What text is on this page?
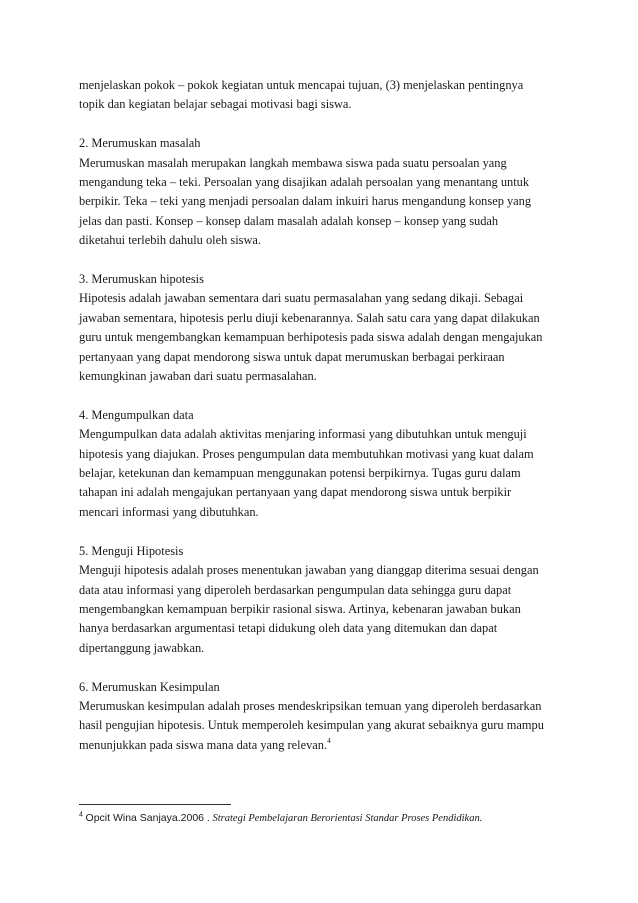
menjelaskan pokok – pokok kegiatan untuk mencapai tujuan, (3) menjelaskan pentingnya
topik dan kegiatan belajar sebagai motivasi bagi siswa.

2. Merumuskan masalah
Merumuskan masalah merupakan langkah membawa siswa pada suatu persoalan yang
mengandung teka – teki. Persoalan yang disajikan adalah persoalan yang menantang untuk
berpikir. Teka – teki yang menjadi persoalan dalam inkuiri harus mengandung konsep yang
jelas dan pasti. Konsep – konsep dalam masalah adalah konsep – konsep yang sudah
diketahui terlebih dahulu oleh siswa.
3. Merumuskan hipotesis
Hipotesis adalah jawaban sementara dari suatu permasalahan yang sedang dikaji. Sebagai
jawaban sementara, hipotesis perlu diuji kebenarannya. Salah satu cara yang dapat dilakukan
guru untuk mengembangkan kemampuan berhipotesis pada siswa adalah dengan mengajukan
pertanyaan yang dapat mendorong siswa untuk dapat merumuskan berbagai perkiraan
kemungkinan jawaban dari suatu permasalahan.
4. Mengumpulkan data
Mengumpulkan data adalah aktivitas menjaring informasi yang dibutuhkan untuk menguji
hipotesis yang diajukan. Proses pengumpulan data membutuhkan motivasi yang kuat dalam
belajar, ketekunan dan kemampuan menggunakan potensi berpikirnya. Tugas guru dalam
tahapan ini adalah mengajukan pertanyaan yang dapat mendorong siswa untuk berpikir
mencari informasi yang dibutuhkan.
5. Menguji Hipotesis
Menguji hipotesis adalah proses menentukan jawaban yang dianggap diterima sesuai dengan
data atau informasi yang diperoleh berdasarkan pengumpulan data sehingga guru dapat
mengembangkan kemampuan berpikir rasional siswa. Artinya, kebenaran jawaban bukan
hanya berdasarkan argumentasi tetapi didukung oleh data yang ditemukan dan dapat
dipertanggung jawabkan.
6. Merumuskan Kesimpulan
Merumuskan kesimpulan adalah proses mendeskripsikan temuan yang diperoleh berdasarkan
hasil pengujian hipotesis. Untuk memperoleh kesimpulan yang akurat sebaiknya guru mampu
menunjukkan pada siswa mana data yang relevan.$^4$
$^4$ Opcit Wina Sanjaya.2006 . Strategi Pembelajaran Berorientasi Standar Proses Pendidikan.
